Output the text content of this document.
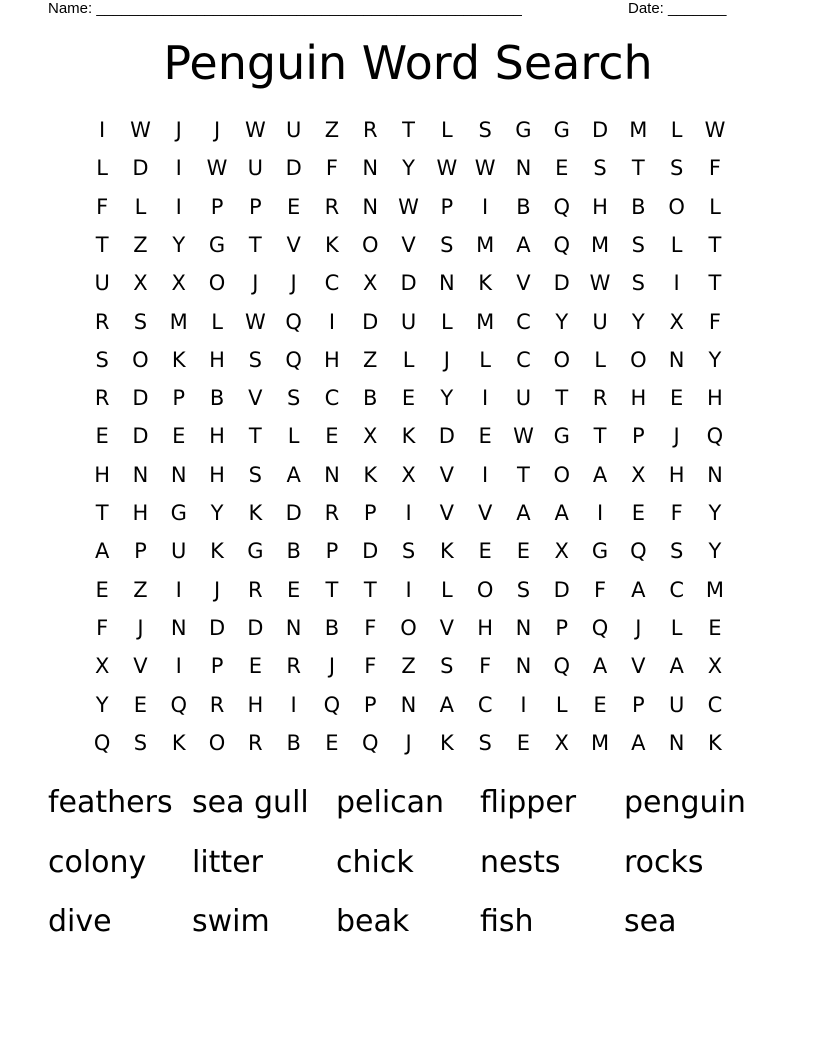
Name: ___________________________________________________	Date: _______
Penguin Word Search
I	W	J	J	W U	Z	R	T	L	S	G	G	D	M	L	W
L	D	I	W U	D	F	N	Y	W W N	E	S	T	S	F
F	L	I	P	P	E	R	N W	P	I	B	Q	H	B	O	L
T	Z	Y	G	T	V	K	O	V	S	M	A	Q M	S	L	T
U	X	X	O	J	J	C	X	D	N	K	V	D W	S	I	T
R	S	M	L	W Q	I	D	U	L	M	C	Y	U	Y	X	F
S	O	K	H	S	Q	H	Z	L	J	L	C	O	L	O	N	Y
R	D	P	B	V	S	C	B	E	Y	I	U	T	R	H	E	H
E	D	E	H	T	L	E	X	K	D	E	W G	T	P	J	Q
H	N	N	H	S	A	N	K	X	V	I	T	O	A	X	H	N
T	H	G	Y	K	D	R	P	I	V	V	A	A	I	E	F	Y
A	P	U	K	G	B	P	D	S	K	E	E	X	G	Q	S	Y
E	Z	I	J	R	E	T	T	I	L	O	S	D	F	A	C	M
F	J	N	D	D	N	B	F	O	V	H	N	P	Q	J	L	E
X	V	I	P	E	R	J	F	Z	S	F	N	Q	A	V	A	X
Y	E	Q	R	H	I	Q	P	N	A	C	I	L	E	P	U	C
Q	S	K	O	R	B	E	Q	J	K	S	E	X	M	A	N	K
feathers sea gull pelican flipper penguin
colony litter chick nests rocks
dive	swim beak fish	sea
